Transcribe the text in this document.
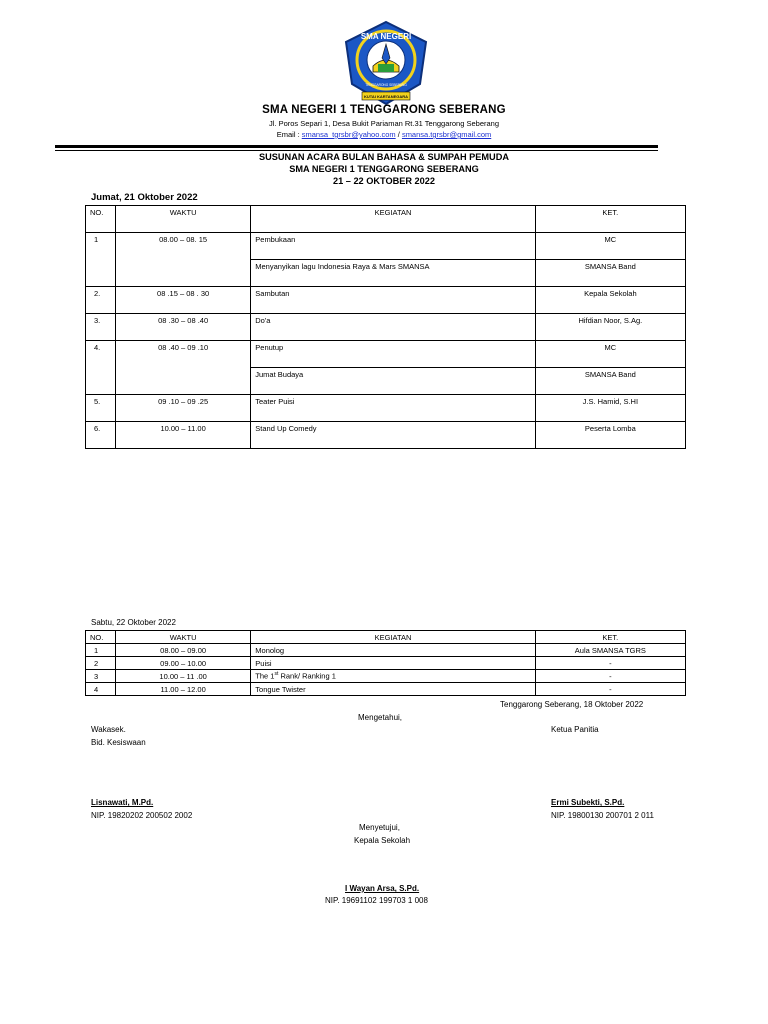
SMA NEGERI
TENGGARONG SEBERANG
KUTAI KARTANEGARA
SMA NEGERI 1 TENGGARONG SEBERANG
Jl. Poros Separi 1, Desa Bukit Pariaman Rt.31 Tenggarong Seberang
Email : smansa_tgrsbr@yahoo.com / smansa.tgrsbr@gmail.com
SUSUNAN ACARA BULAN BAHASA & SUMPAH PEMUDA
SMA NEGERI 1 TENGGARONG SEBERANG
21 – 22 OKTOBER 2022
Jumat, 21 Oktober 2022
NO.	WAKTU	KEGIATAN	KET.
1	08.00 – 08. 15	Pembukaan	MC
		Menyanyikan lagu Indonesia Raya & Mars SMANSA	SMANSA Band
2.	08 .15 – 08 . 30	Sambutan	Kepala Sekolah
3.	08 .30 – 08 .40	Do'a	Hifdian Noor, S.Ag.
4.	08 .40 – 09 .10	Penutup	MC
		Jumat Budaya	SMANSA Band
5.	09 .10 – 09 .25	Teater Puisi	J.S. Hamid, S.HI
6.	10.00 – 11.00	Stand Up Comedy	Peserta Lomba
Sabtu, 22 Oktober 2022
NO.	WAKTU	KEGIATAN	KET.
1	08.00 – 09.00	Monolog	Aula SMANSA TGRS
2	09.00 – 10.00	Puisi	-
3	10.00 – 11 .00	The 1st Rank/ Ranking 1	-
4	11.00 – 12.00	Tongue Twister	-
Tenggarong Seberang, 18 Oktober 2022
Mengetahui,
Wakasek.	Ketua Panitia
Bid. Kesiswaan
Lisnawati, M.Pd.
NIP. 19820202 200502 2002
Ermi Subekti, S.Pd.
NIP. 19800130 200701 2 011
Menyetujui,
Kepala Sekolah
I Wayan Arsa, S.Pd.
NIP. 19691102 199703 1 008
